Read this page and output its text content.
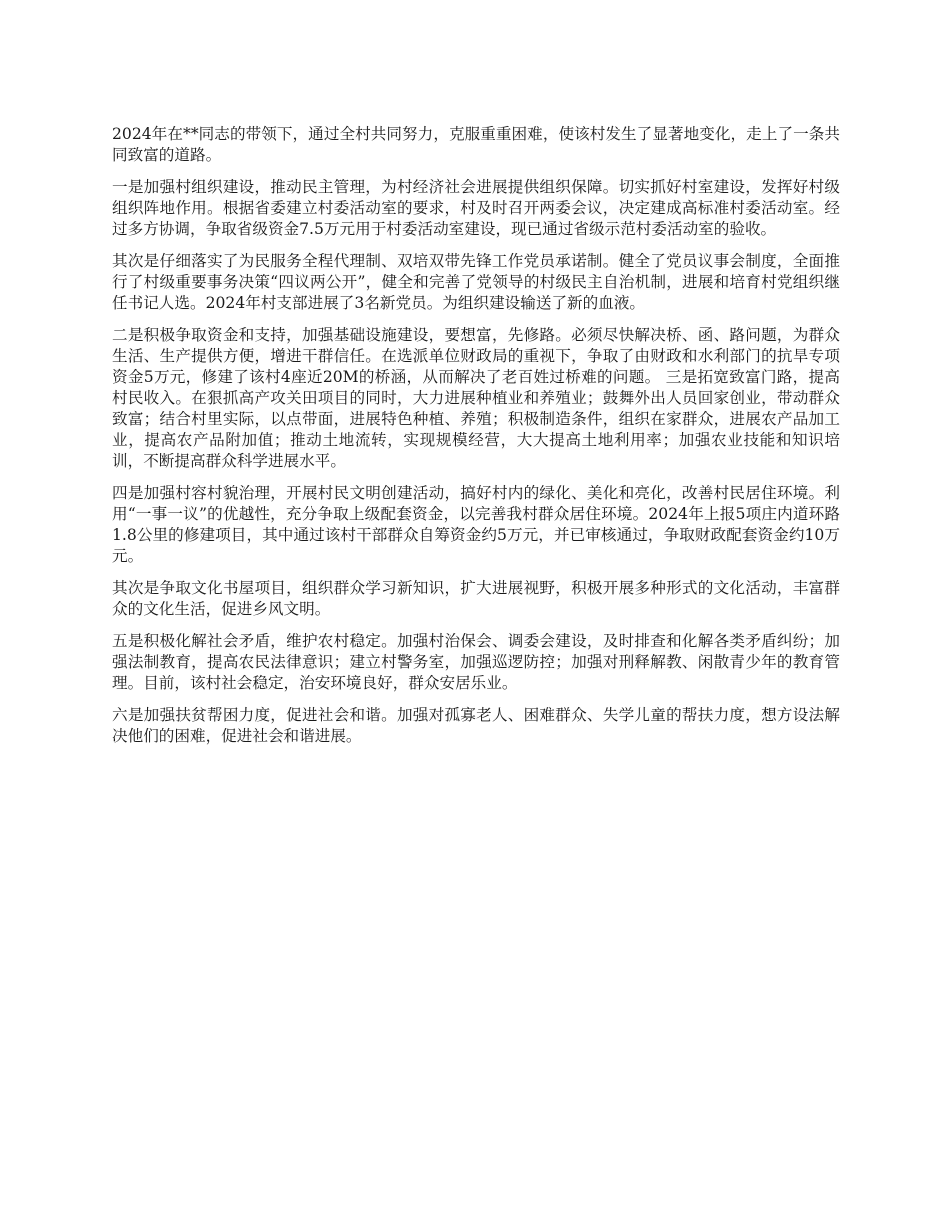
2024年在**同志的带领下，通过全村共同努力，克服重重困难，使该村发生了显著地变化，走上了一条共同致富的道路。

一是加强村组织建设，推动民主管理，为村经济社会进展提供组织保障。切实抓好村室建设，发挥好村级组织阵地作用。根据省委建立村委活动室的要求，村及时召开两委会议，决定建成高标准村委活动室。经过多方协调，争取省级资金7.5万元用于村委活动室建设，现已通过省级示范村委活动室的验收。

其次是仔细落实了为民服务全程代理制、双培双带先锋工作党员承诺制。健全了党员议事会制度，全面推行了村级重要事务决策“四议两公开”，健全和完善了党领导的村级民主自治机制，进展和培育村党组织继任书记人选。2024年村支部进展了3名新党员。为组织建设输送了新的血液。

二是积极争取资金和支持，加强基础设施建设，要想富，先修路。必须尽快解决桥、函、路问题，为群众生活、生产提供方便，增进干群信任。在选派单位财政局的重视下，争取了由财政和水利部门的抗旱专项资金5万元，修建了该村4座近20M的桥涵，从而解决了老百姓过桥难的问题。 三是拓宽致富门路，提高村民收入。在狠抓高产攻关田项目的同时，大力进展种植业和养殖业；鼓舞外出人员回家创业，带动群众致富；结合村里实际，以点带面，进展特色种植、养殖；积极制造条件，组织在家群众，进展农产品加工业，提高农产品附加值；推动土地流转，实现规模经营，大大提高土地利用率；加强农业技能和知识培训，不断提高群众科学进展水平。

四是加强村容村貌治理，开展村民文明创建活动，搞好村内的绿化、美化和亮化，改善村民居住环境。利用“一事一议”的优越性，充分争取上级配套资金，以完善我村群众居住环境。2024年上报5项庄内道环路1.8公里的修建项目，其中通过该村干部群众自筹资金约5万元，并已审核通过，争取财政配套资金约10万元。

其次是争取文化书屋项目，组织群众学习新知识，扩大进展视野，积极开展多种形式的文化活动，丰富群众的文化生活，促进乡风文明。

五是积极化解社会矛盾，维护农村稳定。加强村治保会、调委会建设，及时排查和化解各类矛盾纠纷；加强法制教育，提高农民法律意识；建立村警务室，加强巡逻防控；加强对刑释解教、闲散青少年的教育管理。目前，该村社会稳定，治安环境良好，群众安居乐业。

六是加强扶贫帮困力度，促进社会和谐。加强对孤寡老人、困难群众、失学儿童的帮扶力度，想方设法解决他们的困难，促进社会和谐进展。
